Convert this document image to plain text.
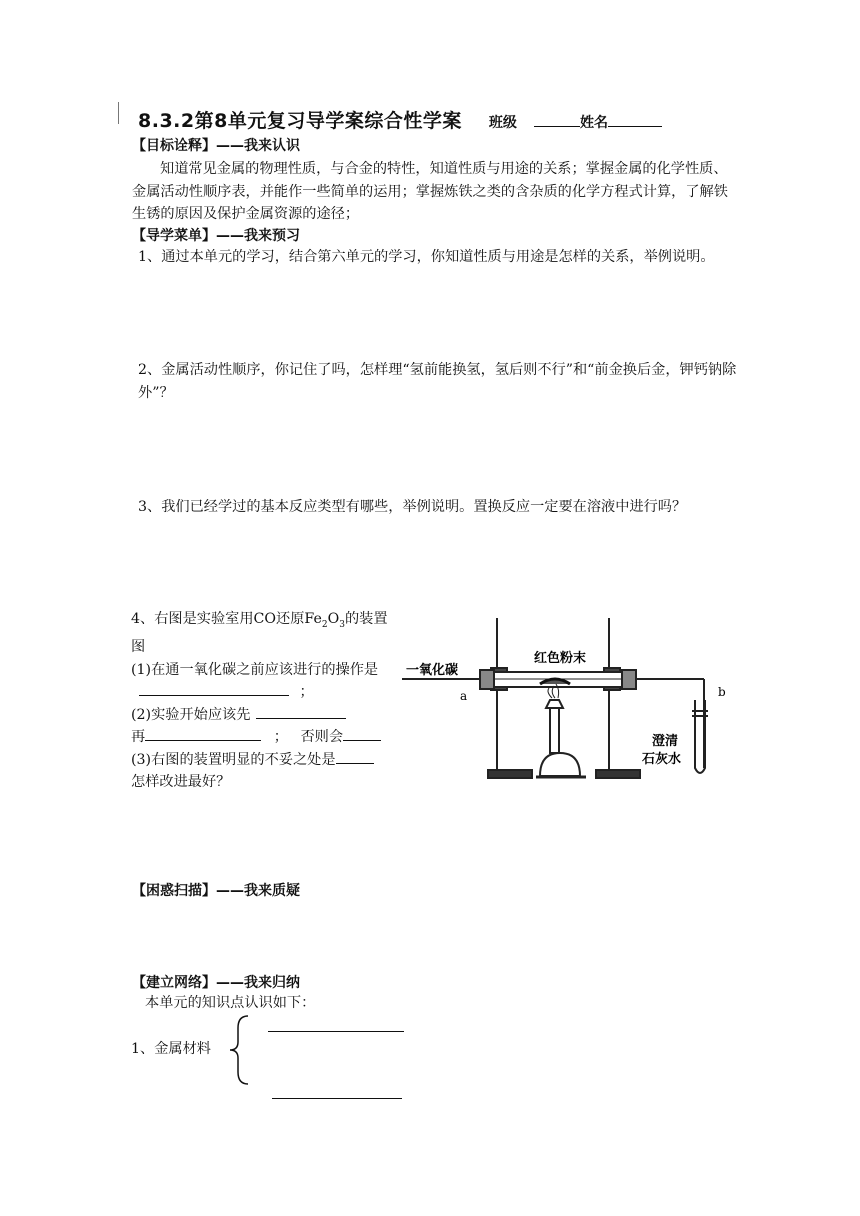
8.3.2第8单元复习导学案综合性学案 班级	姓名
【目标诠释】——我来认识
知道常见金属的物理性质，与合金的特性，知道性质与用途的关系；掌握金属的化学性质、金属活动性顺序表，并能作一些简单的运用；掌握炼铁之类的含杂质的化学方程式计算，了解铁生锈的原因及保护金属资源的途径；
【导学菜单】——我来预习
1、通过本单元的学习，结合第六单元的学习，你知道性质与用途是怎样的关系，举例说明。
2、金属活动性顺序，你记住了吗，怎样理“氢前能换氢，氢后则不行”和“前金换后金，钾钙钠除外”？
3、我们已经学过的基本反应类型有哪些，举例说明。置换反应一定要在溶液中进行吗？
4、右图是实验室用CO还原$Fe_2O_3$的装置图
(1)在通一氧化碳之前应该进行的操作是  ；
(2)实验开始应该先
再	； 否则会
(3)右图的装置明显的不妥之处是
怎样改进最好？
一氧化碳
红色粉末
a	b
澄清
石灰水
【困惑扫描】——我来质疑
【建立网络】——我来归纳
本单元的知识点认识如下：
1、金属材料
